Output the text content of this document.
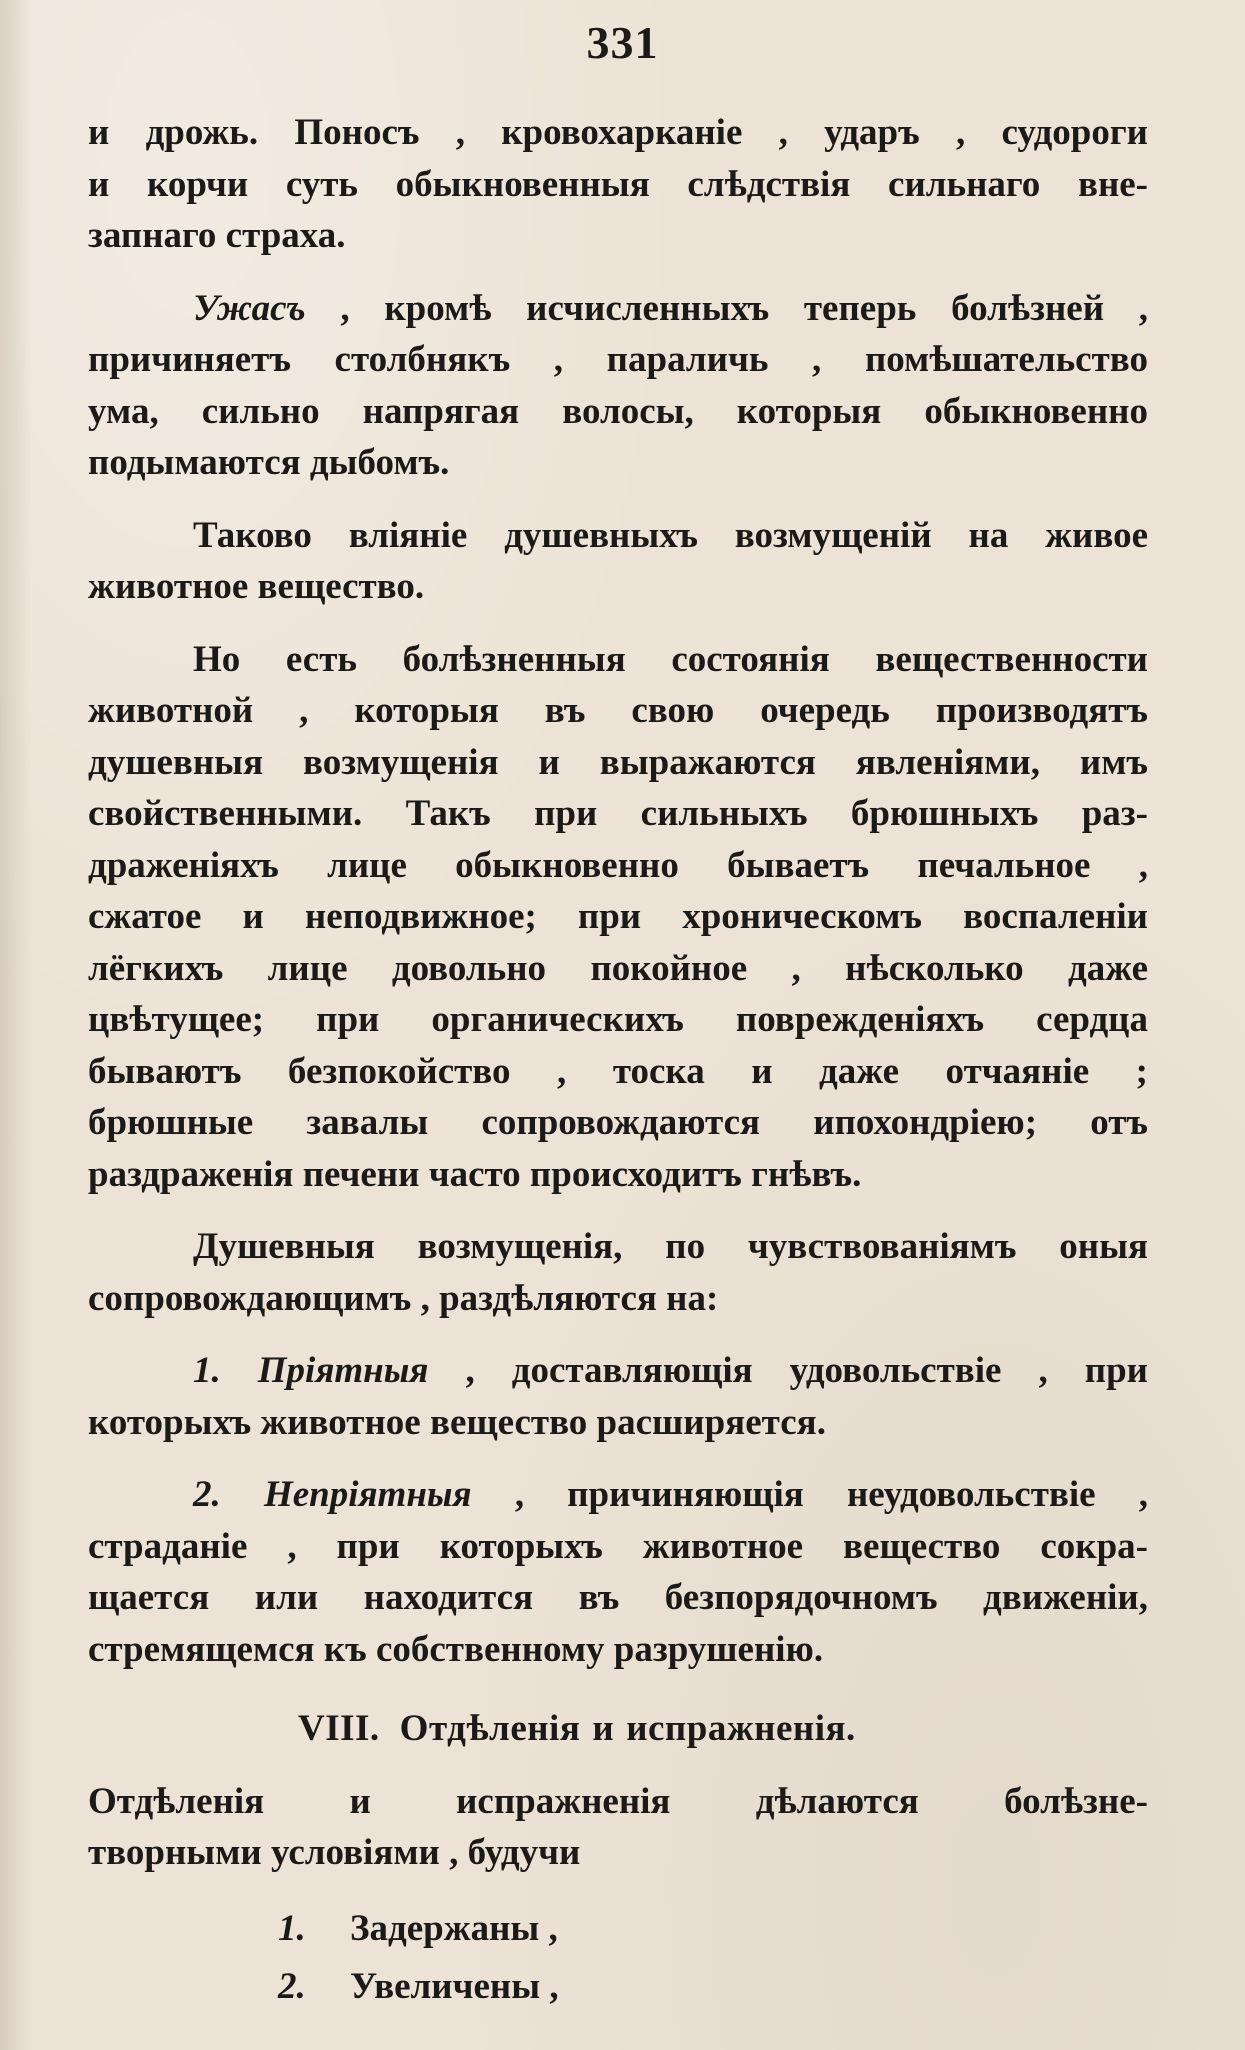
331

и дрожь. Поносъ , кровохарканіе , ударъ , судороги
и корчи суть обыкновенныя слѣдствія сильнаго вне-
запнаго страха.

Ужасъ , кромѣ исчисленныхъ теперь болѣзней ,
причиняетъ столбнякъ , параличь , помѣшательство
ума, сильно напрягая волосы, которыя обыкновенно
подымаются дыбомъ.

Таково вліяніе душевныхъ возмущеній на живое
животное вещество.

Но есть болѣзненныя состоянія вещественности
животной , которыя въ свою очередь производятъ
душевныя возмущенія и выражаются явленіями, имъ
свойственными. Такъ при сильныхъ брюшныхъ раз-
драженіяхъ лице обыкновенно бываетъ печальное ,
сжатое и неподвижное; при хроническомъ воспаленіи
лёгкихъ лице довольно покойное , нѣсколько даже
цвѣтущее; при органическихъ поврежденіяхъ сердца
бываютъ безпокойство , тоска и даже отчаяніе ;
брюшные завалы сопровождаются ипохондріею; отъ
раздраженія печени часто происходитъ гнѣвъ.

Душевныя возмущенія, по чувствованіямъ оныя
сопровождающимъ , раздѣляются на:

1. Пріятныя , доставляющія удовольствіе , при
которыхъ животное вещество расширяется.

2. Непріятныя , причиняющія неудовольствіе ,
страданіе , при которыхъ животное вещество сокра-
щается или находится въ безпорядочномъ движеніи,
стремящемся къ собственному разрушенію.

VIII. Отдѣленія и испражненія.

Отдѣленія и испражненія дѣлаются болѣзне-
творными условіями , будучи

1. Задержаны ,
2. Увеличены ,
